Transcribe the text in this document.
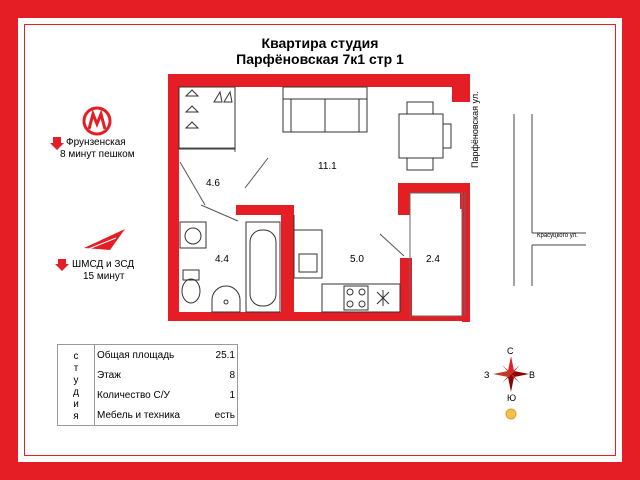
Квартира студия
Парфёновская 7к1 стр 1
Фрунзенская
8 минут пешком
ШМСД и ЗСД
15 минут
11.1
4.6
4.4	5.0	2.4
Парфёновская ул.
Красуцкого ул.
С
Ю
В
З
с
т
у
д
и
я
Общая площадь	25.1
Этаж	8
Количество С/У	1
Мебель и техника	есть
